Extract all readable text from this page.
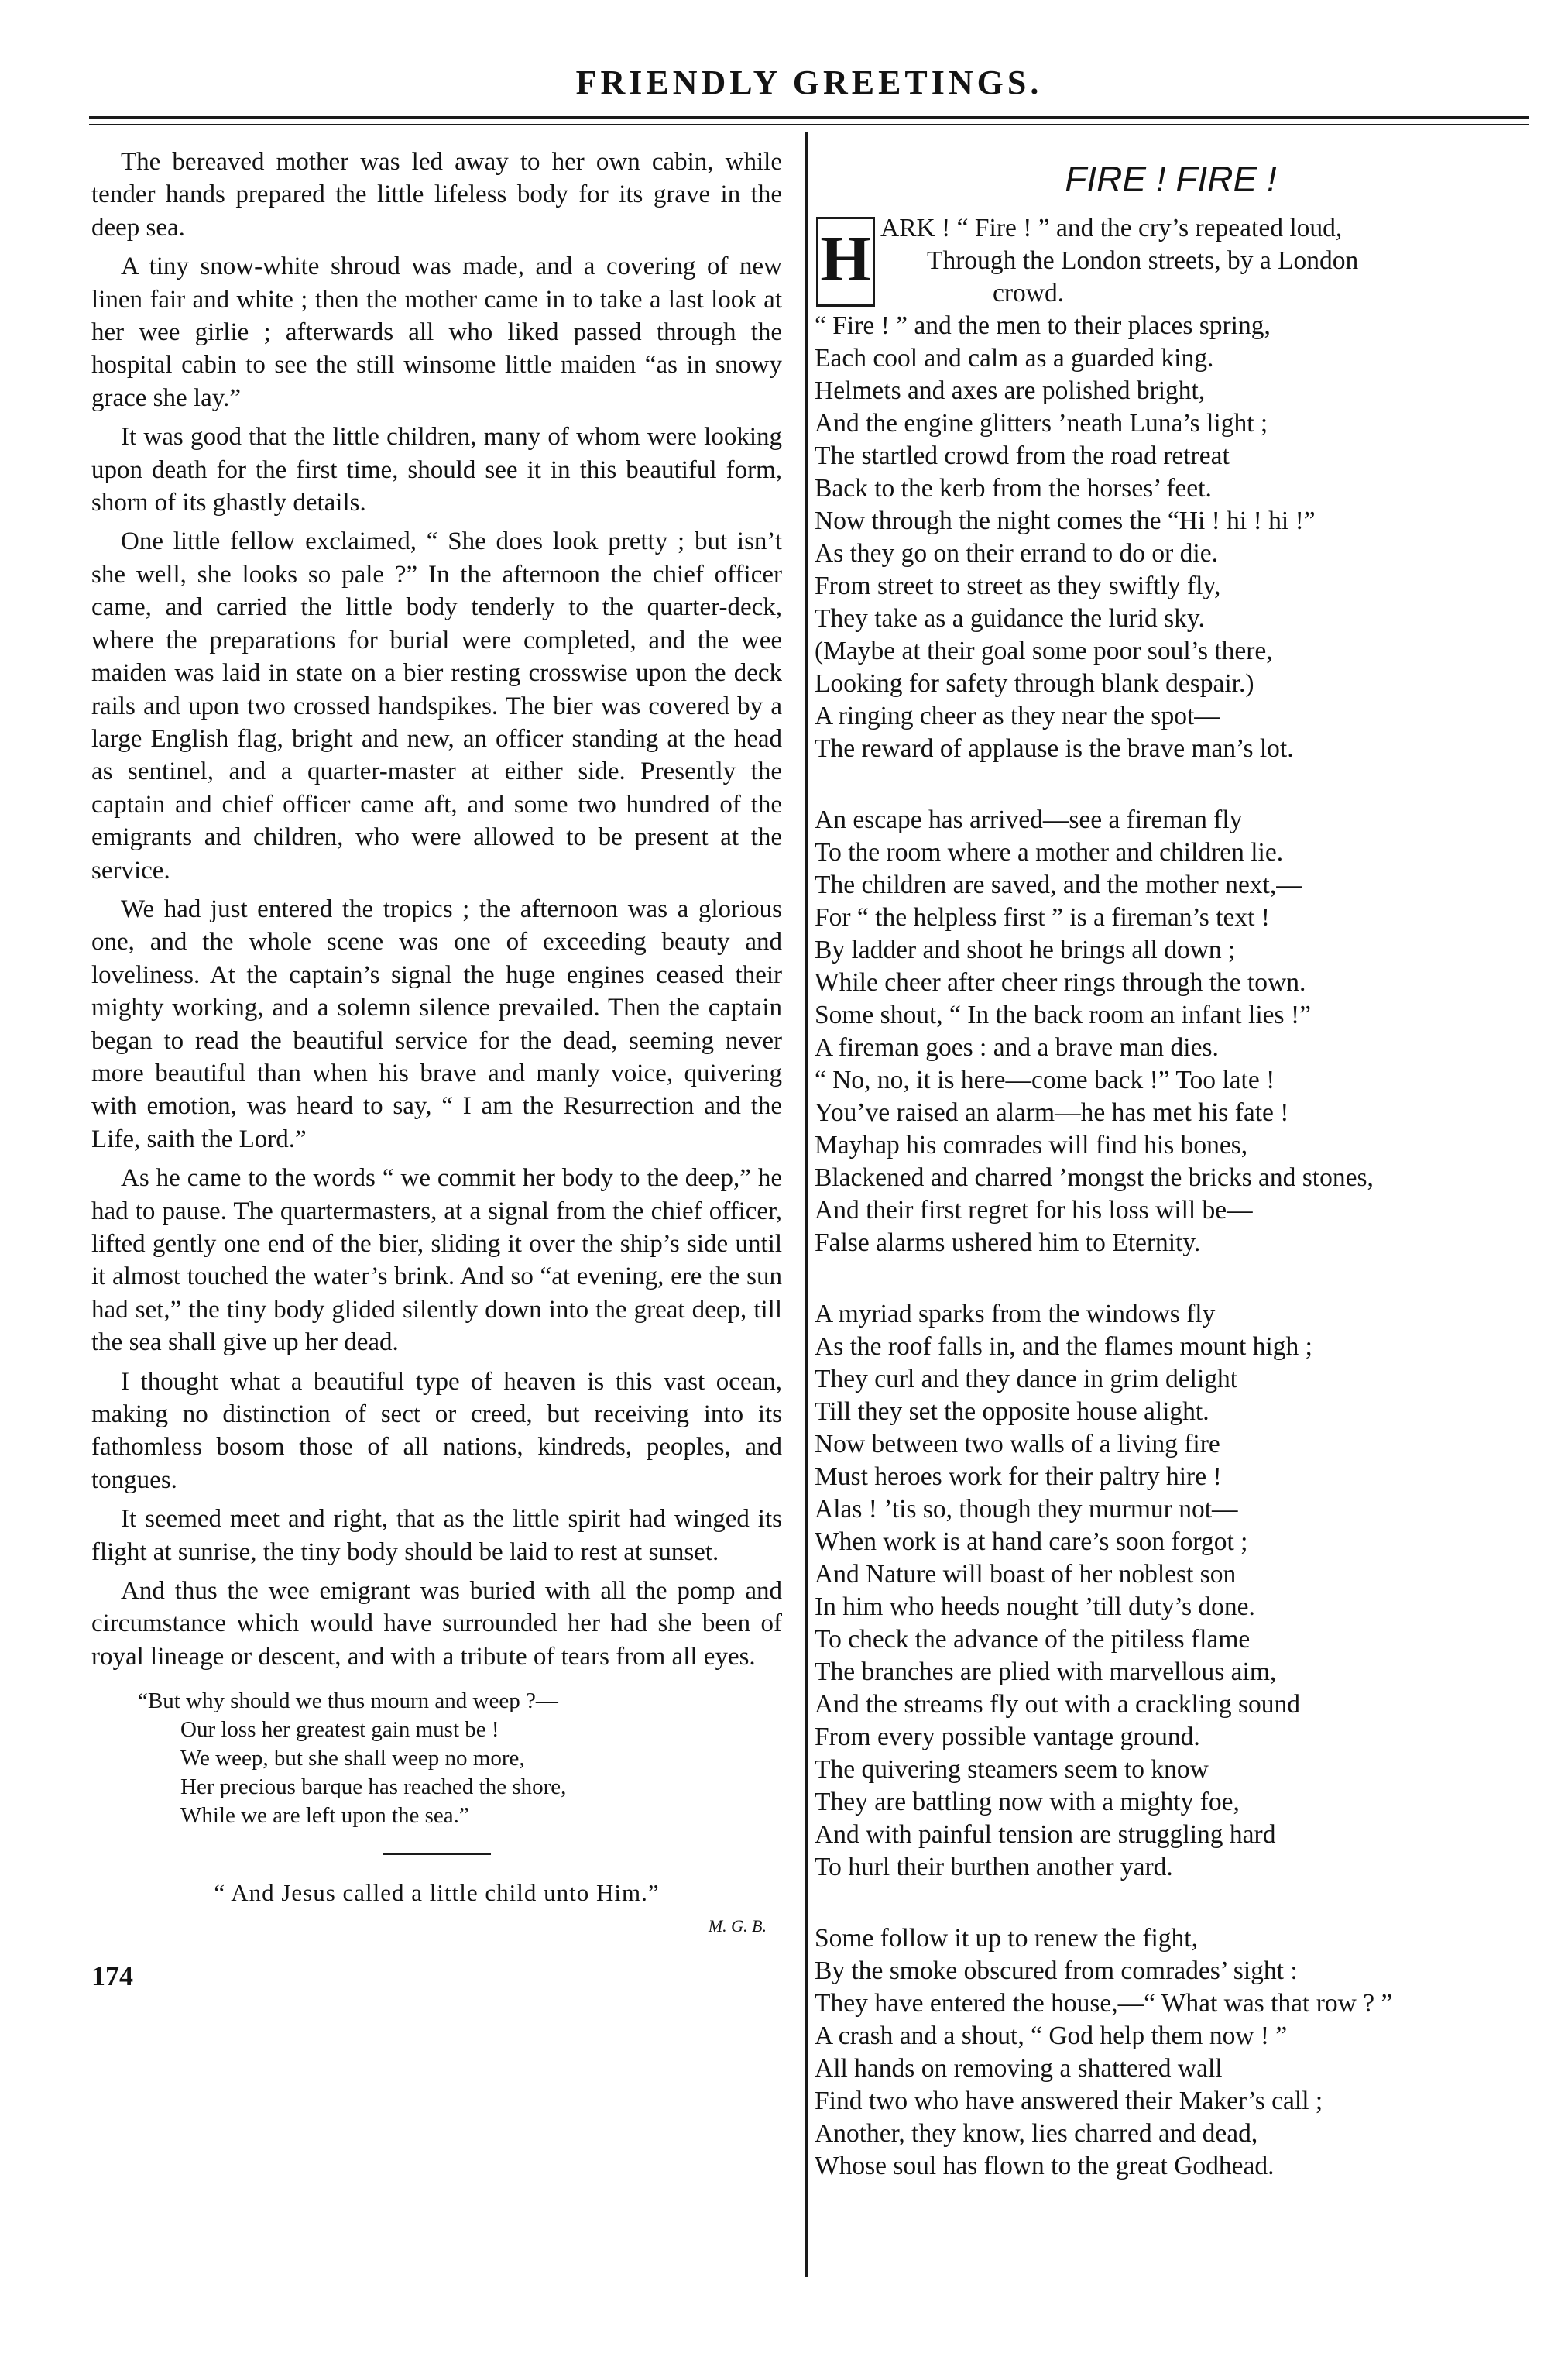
FRIENDLY GREETINGS.

The bereaved mother was led away to her own cabin, while tender hands prepared the little lifeless body for its grave in the deep sea.

A tiny snow-white shroud was made, and a covering of new linen fair and white ; then the mother came in to take a last look at her wee girlie ; afterwards all who liked passed through the hospital cabin to see the still winsome little maiden “as in snowy grace she lay.”

It was good that the little children, many of whom were looking upon death for the first time, should see it in this beautiful form, shorn of its ghastly details.

One little fellow exclaimed, “ She does look pretty ; but isn’t she well, she looks so pale ?” In the afternoon the chief officer came, and carried the little body tenderly to the quarter-deck, where the preparations for burial were completed, and the wee maiden was laid in state on a bier resting crosswise upon the deck rails and upon two crossed handspikes. The bier was covered by a large English flag, bright and new, an officer standing at the head as sentinel, and a quarter-master at either side. Presently the captain and chief officer came aft, and some two hundred of the emigrants and children, who were allowed to be present at the service.

We had just entered the tropics ; the afternoon was a glorious one, and the whole scene was one of exceeding beauty and loveliness. At the captain’s signal the huge engines ceased their mighty working, and a solemn silence prevailed. Then the captain began to read the beautiful service for the dead, seeming never more beautiful than when his brave and manly voice, quivering with emotion, was heard to say, “ I am the Resurrection and the Life, saith the Lord.”

As he came to the words “ we commit her body to the deep,” he had to pause. The quartermasters, at a signal from the chief officer, lifted gently one end of the bier, sliding it over the ship’s side until it almost touched the water’s brink. And so “at evening, ere the sun had set,” the tiny body glided silently down into the great deep, till the sea shall give up her dead.

I thought what a beautiful type of heaven is this vast ocean, making no distinction of sect or creed, but receiving into its fathomless bosom those of all nations, kindreds, peoples, and tongues.

It seemed meet and right, that as the little spirit had winged its flight at sunrise, the tiny body should be laid to rest at sunset.

And thus the wee emigrant was buried with all the pomp and circumstance which would have surrounded her had she been of royal lineage or descent, and with a tribute of tears from all eyes.

“But why should we thus mourn and weep ?—
Our loss her greatest gain must be !
We weep, but she shall weep no more,
Her precious barque has reached the shore,
While we are left upon the sea.”
“ And Jesus called a little child unto Him.”
M. G. B.
174
FIRE ! FIRE !
H ARK ! “ Fire ! ” and the cry’s repeated loud,
Through the London streets, by a London
crowd.
“ Fire ! ” and the men to their places spring,
Each cool and calm as a guarded king.
Helmets and axes are polished bright,
And the engine glitters ’neath Luna’s light ;
The startled crowd from the road retreat
Back to the kerb from the horses’ feet.
Now through the night comes the “Hi ! hi ! hi !”
As they go on their errand to do or die.
From street to street as they swiftly fly,
They take as a guidance the lurid sky.
(Maybe at their goal some poor soul’s there,
Looking for safety through blank despair.)
A ringing cheer as they near the spot—
The reward of applause is the brave man’s lot.
An escape has arrived—see a fireman fly
To the room where a mother and children lie.
The children are saved, and the mother next,—
For “ the helpless first ” is a fireman’s text !
By ladder and shoot he brings all down ;
While cheer after cheer rings through the town.
Some shout, “ In the back room an infant lies !”
A fireman goes : and a brave man dies.
“ No, no, it is here—come back !” Too late !
You’ve raised an alarm—he has met his fate !
Mayhap his comrades will find his bones,
Blackened and charred ’mongst the bricks and stones,
And their first regret for his loss will be—
False alarms ushered him to Eternity.
A myriad sparks from the windows fly
As the roof falls in, and the flames mount high ;
They curl and they dance in grim delight
Till they set the opposite house alight.
Now between two walls of a living fire
Must heroes work for their paltry hire !
Alas ! ’tis so, though they murmur not—
When work is at hand care’s soon forgot ;
And Nature will boast of her noblest son
In him who heeds nought ’till duty’s done.
To check the advance of the pitiless flame
The branches are plied with marvellous aim,
And the streams fly out with a crackling sound
From every possible vantage ground.
The quivering steamers seem to know
They are battling now with a mighty foe,
And with painful tension are struggling hard
To hurl their burthen another yard.
Some follow it up to renew the fight,
By the smoke obscured from comrades’ sight :
They have entered the house,—“ What was that row ? ”
A crash and a shout, “ God help them now ! ”
All hands on removing a shattered wall
Find two who have answered their Maker’s call ;
Another, they know, lies charred and dead,
Whose soul has flown to the great Godhead.
